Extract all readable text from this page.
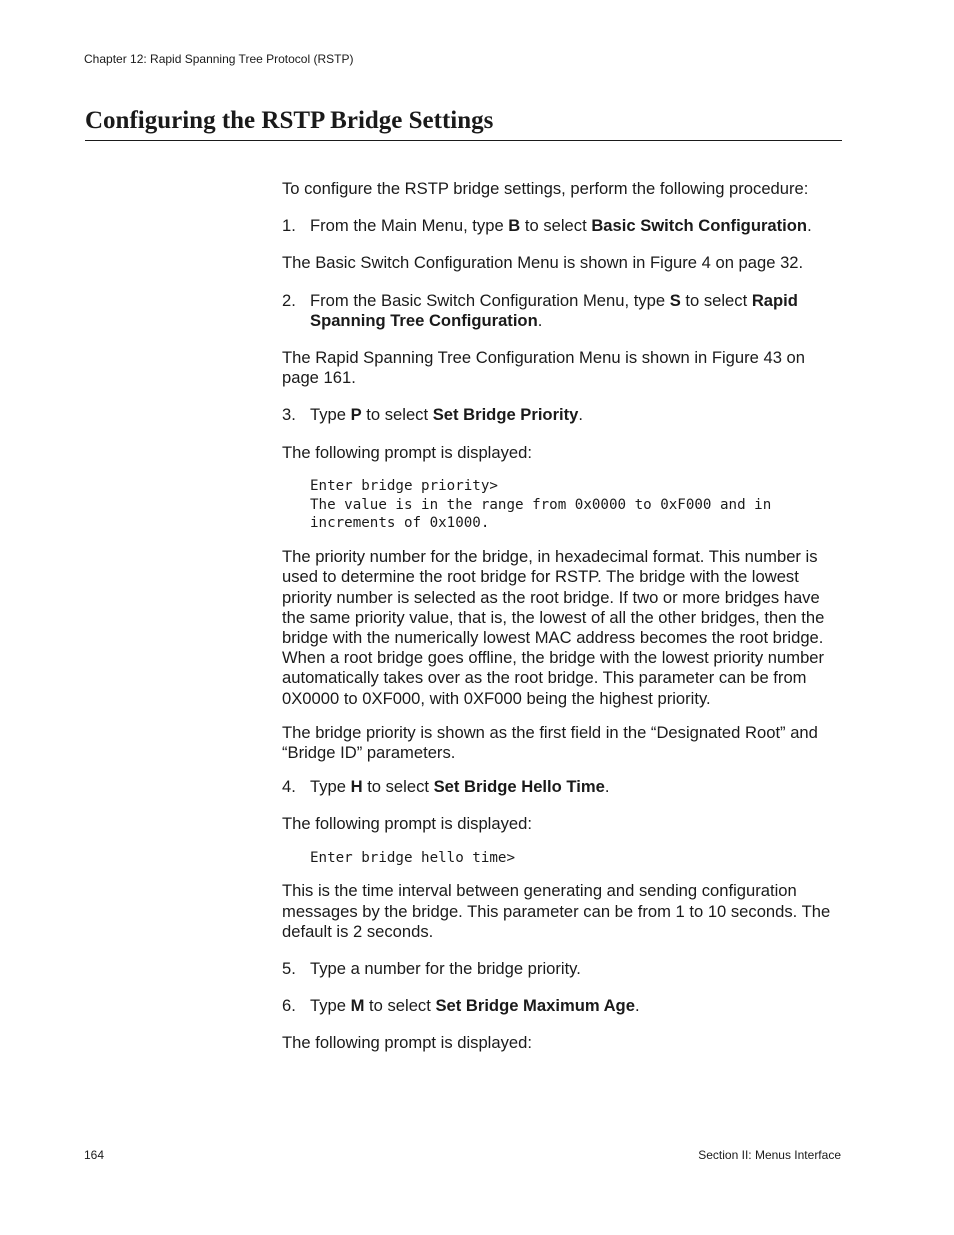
Chapter 12: Rapid Spanning Tree Protocol (RSTP)
Configuring the RSTP Bridge Settings

To configure the RSTP bridge settings, perform the following procedure:

1. From the Main Menu, type B to select Basic Switch Configuration.

The Basic Switch Configuration Menu is shown in Figure 4 on page 32.

2. From the Basic Switch Configuration Menu, type S to select Rapid Spanning Tree Configuration.

The Rapid Spanning Tree Configuration Menu is shown in Figure 43 on page 161.

3. Type P to select Set Bridge Priority.

The following prompt is displayed:

Enter bridge priority>
The value is in the range from 0x0000 to 0xF000 and in
increments of 0x1000.

The priority number for the bridge, in hexadecimal format. This number is used to determine the root bridge for RSTP. The bridge with the lowest priority number is selected as the root bridge. If two or more bridges have the same priority value, that is, the lowest of all the other bridges, then the bridge with the numerically lowest MAC address becomes the root bridge. When a root bridge goes offline, the bridge with the lowest priority number automatically takes over as the root bridge. This parameter can be from 0X0000 to 0XF000, with 0XF000 being the highest priority.

The bridge priority is shown as the first field in the “Designated Root” and “Bridge ID” parameters.

4. Type H to select Set Bridge Hello Time.

The following prompt is displayed:

Enter bridge hello time>

This is the time interval between generating and sending configuration messages by the bridge. This parameter can be from 1 to 10 seconds. The default is 2 seconds.

5. Type a number for the bridge priority.
6. Type M to select Set Bridge Maximum Age.

The following prompt is displayed:

164	Section II: Menus Interface
